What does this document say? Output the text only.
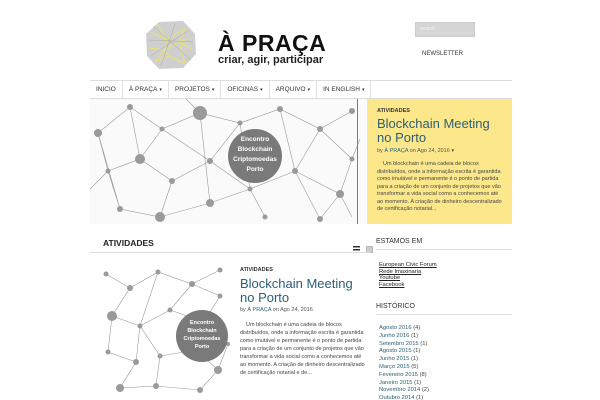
À PRAÇA
criar, agir, participar
search
NEWSLETTER
INICIO À PRAÇA ▾ PROJETOS ▾ OFICINAS ▾ ARQUIVO ▾ IN ENGLISH ▾
Encontro
Blockchain
Criptomoedas
Porto
ATIVIDADES
Blockchain Meeting no Porto
by À PRAÇA on Ago 24, 2016 ▾
Um blockchain é uma cadeia de blocos distribuídos, onde a informação escrita é garantida como imutável e permanente é o ponto de partida para a criação de um conjunto de projetos que vão transformar a vida social como a conhecemos até ao momento. A criação de dinheiro descentralizado de certificação notarial...
ATIVIDADES

Encontro
Blockchain
Criptomoedas
Porto
ATIVIDADES
Blockchain Meeting no Porto
by À PRAÇA on Ago 24, 2016
Um blockchain é uma cadeia de blocos distribuídos, onde a informação escrita é garantida como imutável e permanente é o ponto de partida para a criação de um conjunto de projetos que vão transformar a vida social como a conhecemos até ao momento. A criação de dinheiro descentralizado de certificação notarial e de...
ESTAMOS EM
European Civic Forum
Rede Imaxinaria
Youtube
Facebook
HISTÓRICO
Agosto 2016 (4)
Junho 2016 (1)
Setembro 2015 (1)
Agosto 2015 (1)
Junho 2015 (1)
Março 2015 (5)
Fevereiro 2015 (8)
Janeiro 2015 (1)
Novembro 2014 (2)
Outubro 2014 (1)
